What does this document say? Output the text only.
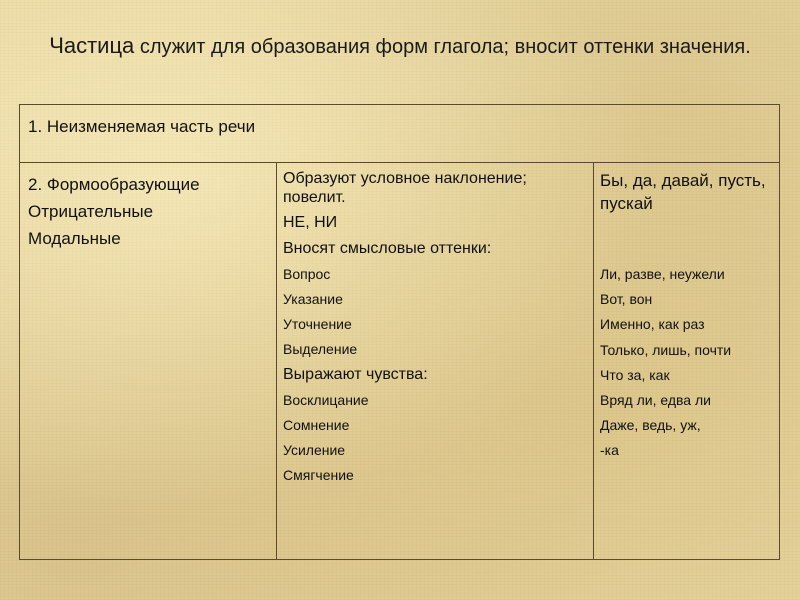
Частица служит для образования форм глагола; вносит оттенки значения.
1. Неизменяемая часть речи
2. Формообразующие
Отрицательные
Модальные
Образуют условное наклонение; повелит.
НЕ, НИ
Вносят смысловые оттенки:
Вопрос
Указание
Уточнение
Выделение
Выражают чувства:
Восклицание
Сомнение
Усиление
Смягчение
Бы, да, давай, пусть, пускай
Ли, разве, неужели
Вот, вон
Именно, как раз
Только, лишь, почти
Что за, как
Вряд ли, едва ли
Даже, ведь, уж,
-ка
